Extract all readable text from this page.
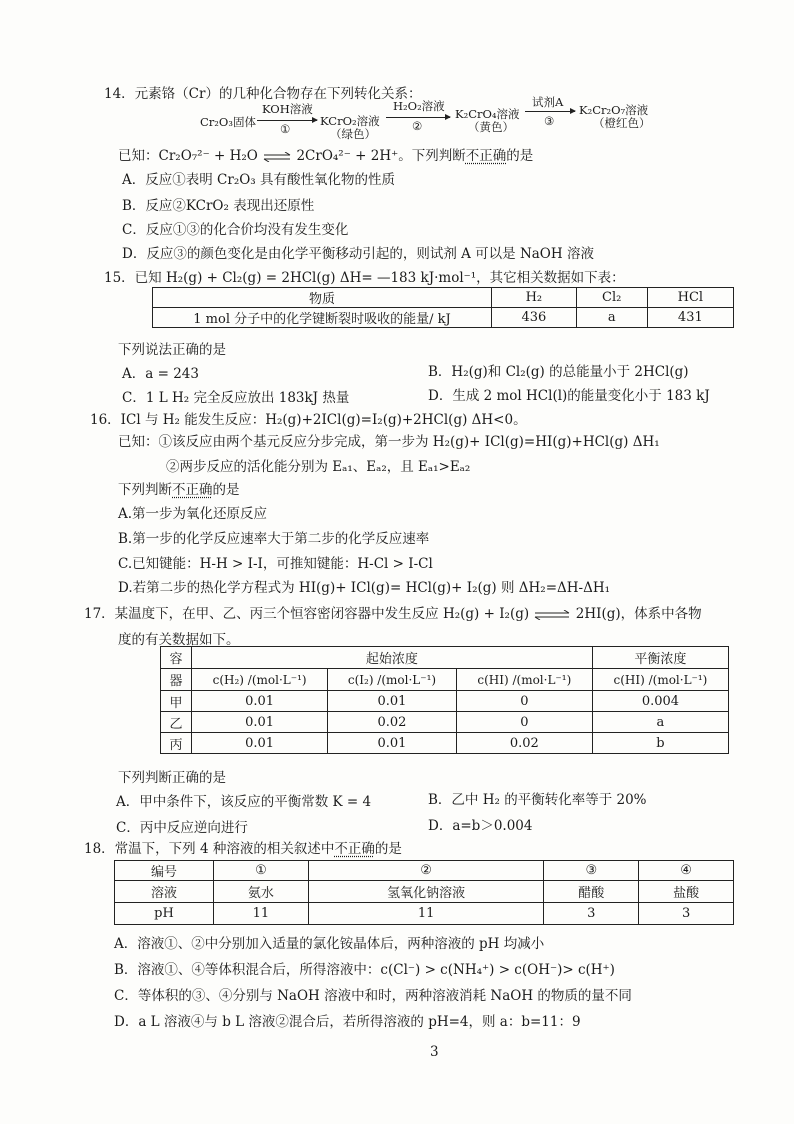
14．元素铬（Cr）的几种化合物存在下列转化关系：
Cr₂O₃固体
KOH溶液
①
KCrO₂溶液
（绿色）
H₂O₂溶液
②
K₂CrO₄溶液
（黄色）
试剂A
③
K₂Cr₂O₇溶液
（橙红色）
已知：Cr₂O₇²⁻ + H₂O ⇌ 2CrO₄²⁻ + 2H⁺。下列判断不正确的是
A．反应①表明 Cr₂O₃ 具有酸性氧化物的性质
B．反应②KCrO₂ 表现出还原性
C．反应①③的化合价均没有发生变化
D．反应③的颜色变化是由化学平衡移动引起的，则试剂 A 可以是 NaOH 溶液
15．已知 H₂(g) + Cl₂(g) = 2HCl(g) ΔH= —183 kJ·mol⁻¹，其它相关数据如下表：
物质	H₂	Cl₂	HCl
1 mol 分子中的化学键断裂时吸收的能量/ kJ	436	a	431
下列说法正确的是
A．a = 243	B．H₂(g)和 Cl₂(g) 的总能量小于 2HCl(g)
C．1 L H₂ 完全反应放出 183kJ 热量	D．生成 2 mol HCl(l)的能量变化小于 183 kJ
16．ICl 与 H₂ 能发生反应：H₂(g)+2ICl(g)=I₂(g)+2HCl(g) ΔH<0。
已知：①该反应由两个基元反应分步完成，第一步为 H₂(g)+ ICl(g)=HI(g)+HCl(g) ΔH₁
②两步反应的活化能分别为 Eₐ₁、Eₐ₂，且 Eₐ₁>Eₐ₂
下列判断不正确的是
A.第一步为氧化还原反应
B.第一步的化学反应速率大于第二步的化学反应速率
C.已知键能：H-H > I-I，可推知键能：H-Cl > I-Cl
D.若第二步的热化学方程式为 HI(g)+ ICl(g)= HCl(g)+ I₂(g) 则 ΔH₂=ΔH-ΔH₁
17．某温度下，在甲、乙、丙三个恒容密闭容器中发生反应 H₂(g) + I₂(g) ⇌ 2HI(g)，体系中各物
度的有关数据如下。
容	起始浓度			平衡浓度
器	c(H₂) /(mol·L⁻¹)	c(I₂) /(mol·L⁻¹)	c(HI) /(mol·L⁻¹)	c(HI) /(mol·L⁻¹)
甲	0.01	0.01	0	0.004
乙	0.01	0.02	0	a
丙	0.01	0.01	0.02	b
下列判断正确的是
A．甲中条件下，该反应的平衡常数 K = 4	B．乙中 H₂ 的平衡转化率等于 20%
C．丙中反应逆向进行	D．a=b＞0.004
18．常温下，下列 4 种溶液的相关叙述中不正确的是
编号	①	②	③	④
溶液	氨水	氢氧化钠溶液	醋酸	盐酸
pH	11	11	3	3
A．溶液①、②中分别加入适量的氯化铵晶体后，两种溶液的 pH 均减小
B．溶液①、④等体积混合后，所得溶液中：c(Cl⁻) > c(NH₄⁺) > c(OH⁻)> c(H⁺)
C．等体积的③、④分别与 NaOH 溶液中和时，两种溶液消耗 NaOH 的物质的量不同
D．a L 溶液④与 b L 溶液②混合后，若所得溶液的 pH=4，则 a：b=11：9
3
